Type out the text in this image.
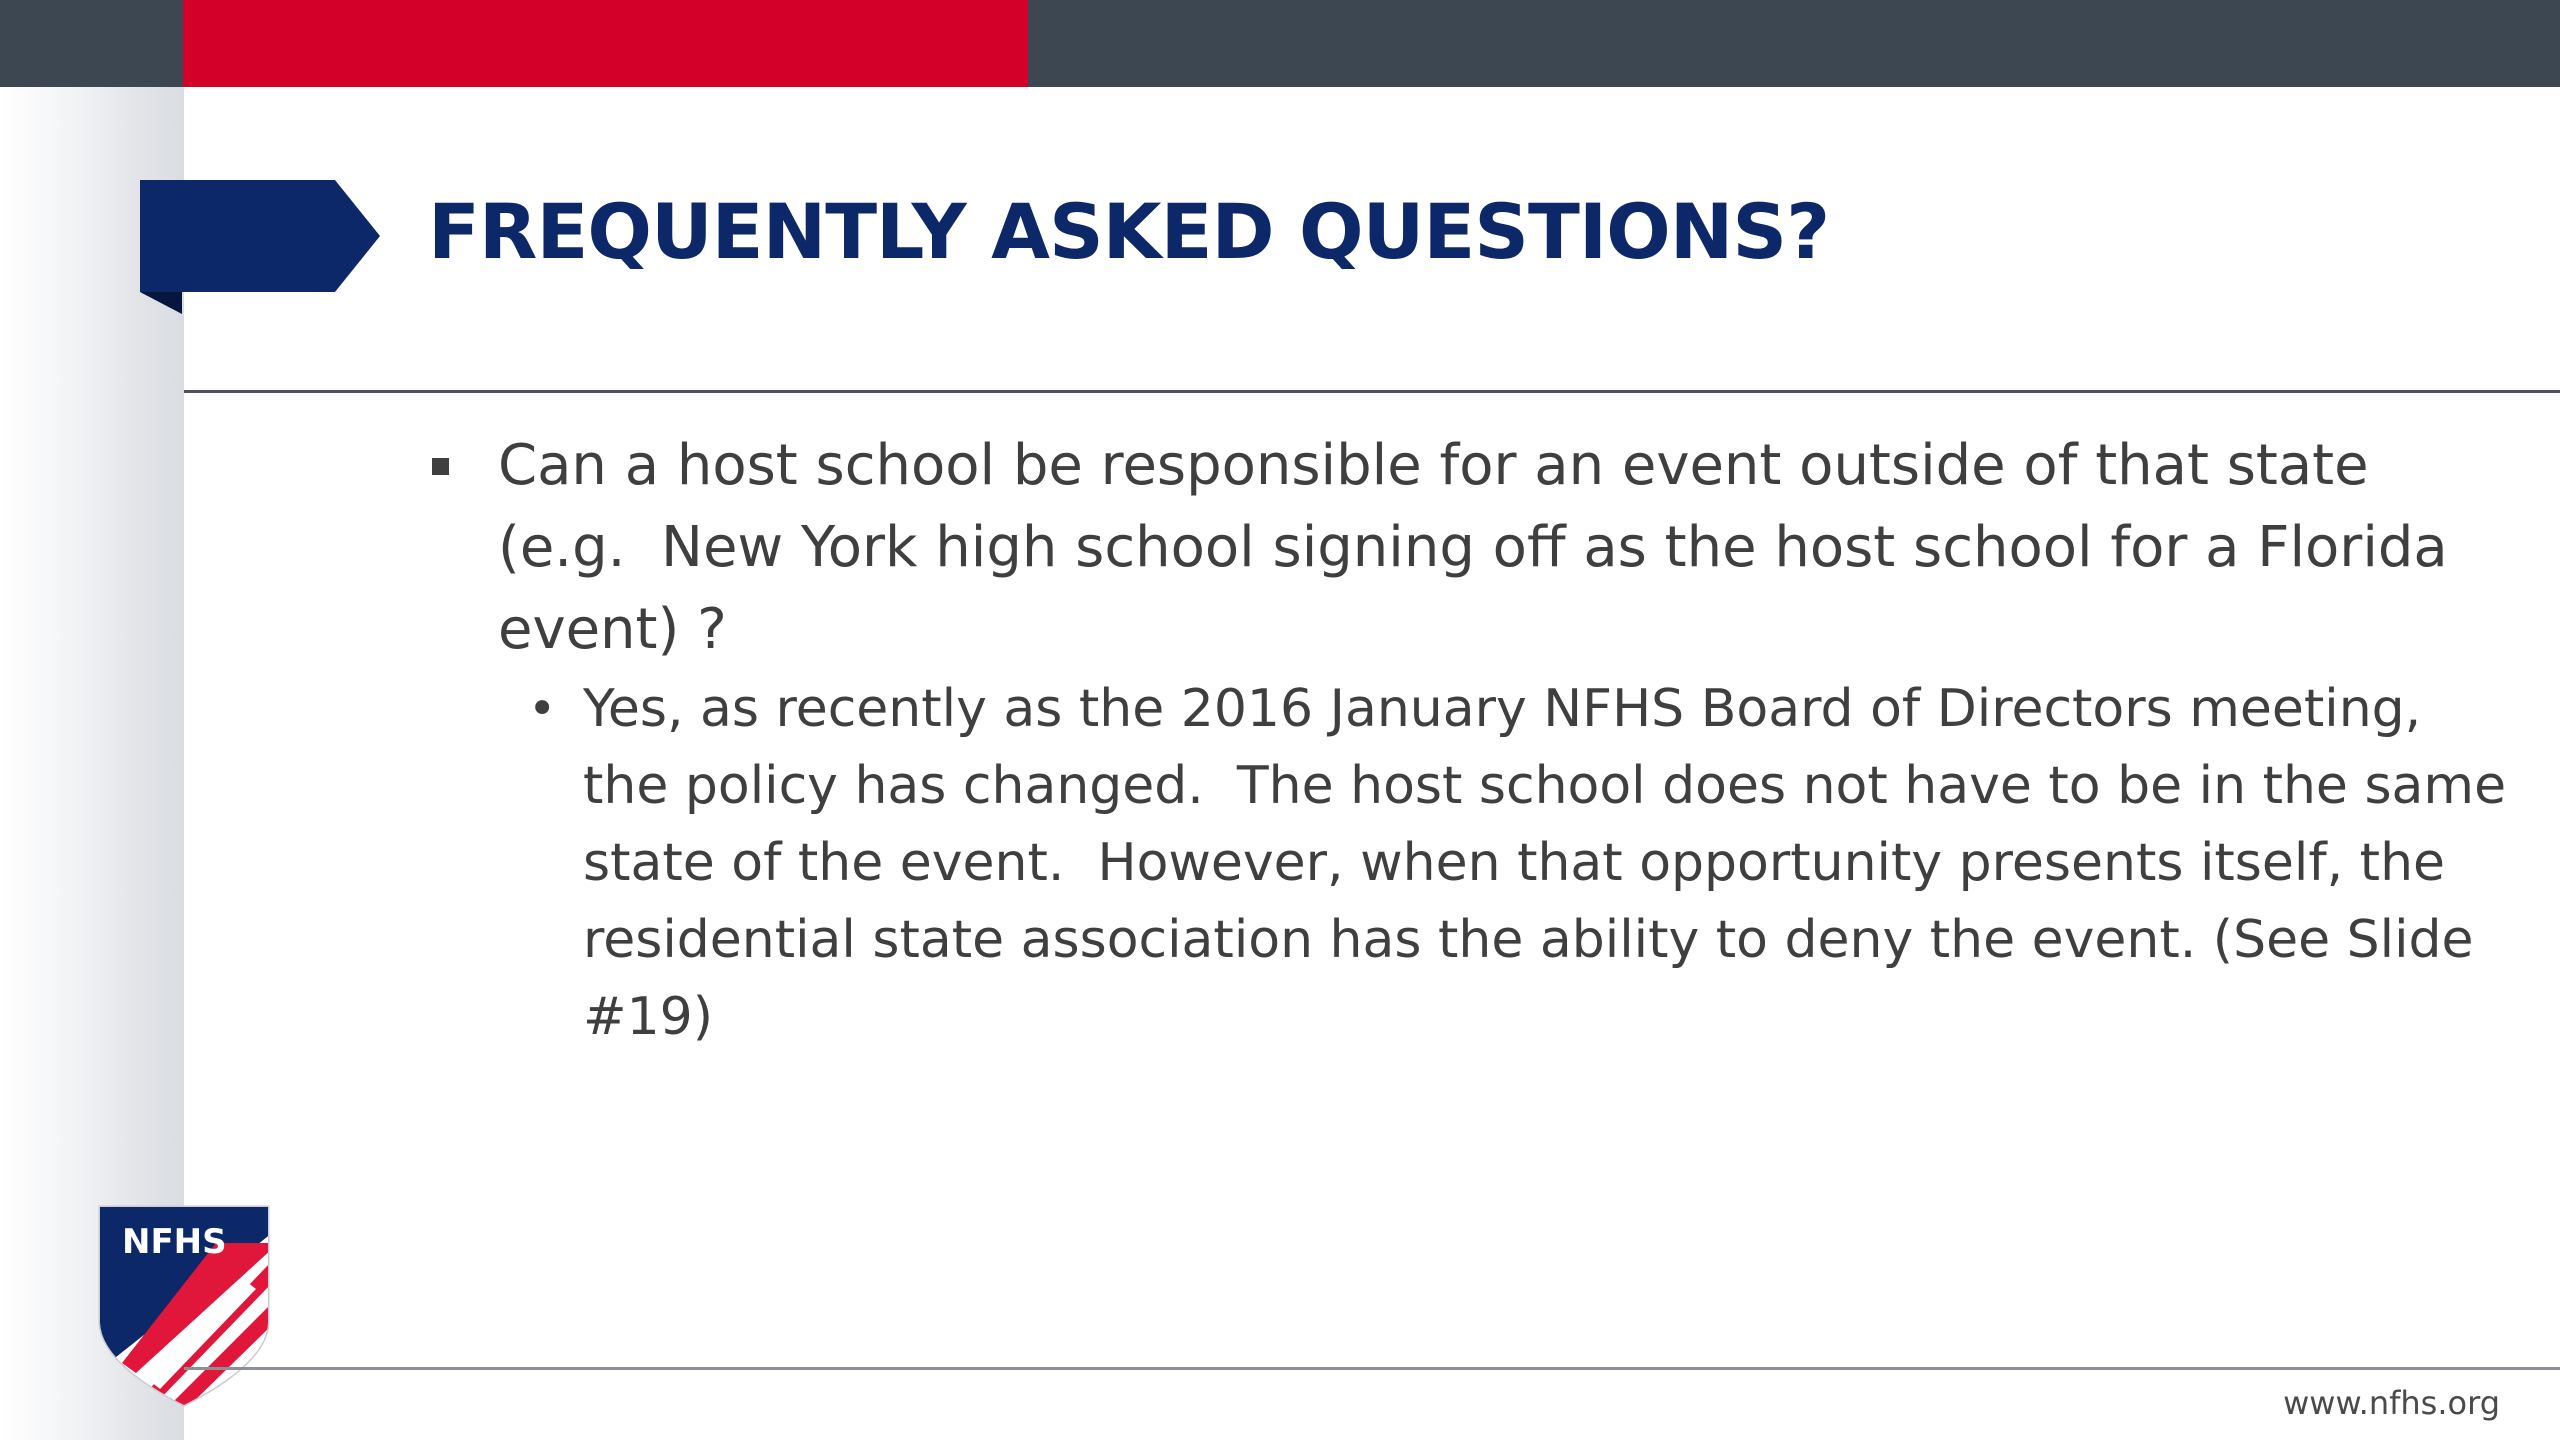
FREQUENTLY ASKED QUESTIONS?

Can a host school be responsible for an event outside of that state (e.g.  New York high school signing off as the host school for a Florida event) ?

• Yes, as recently as the 2016 January NFHS Board of Directors meeting, the policy has changed.  The host school does not have to be in the same state of the event.  However, when that opportunity presents itself, the residential state association has the ability to deny the event. (See Slide #19)

NFHS
www.nfhs.org
